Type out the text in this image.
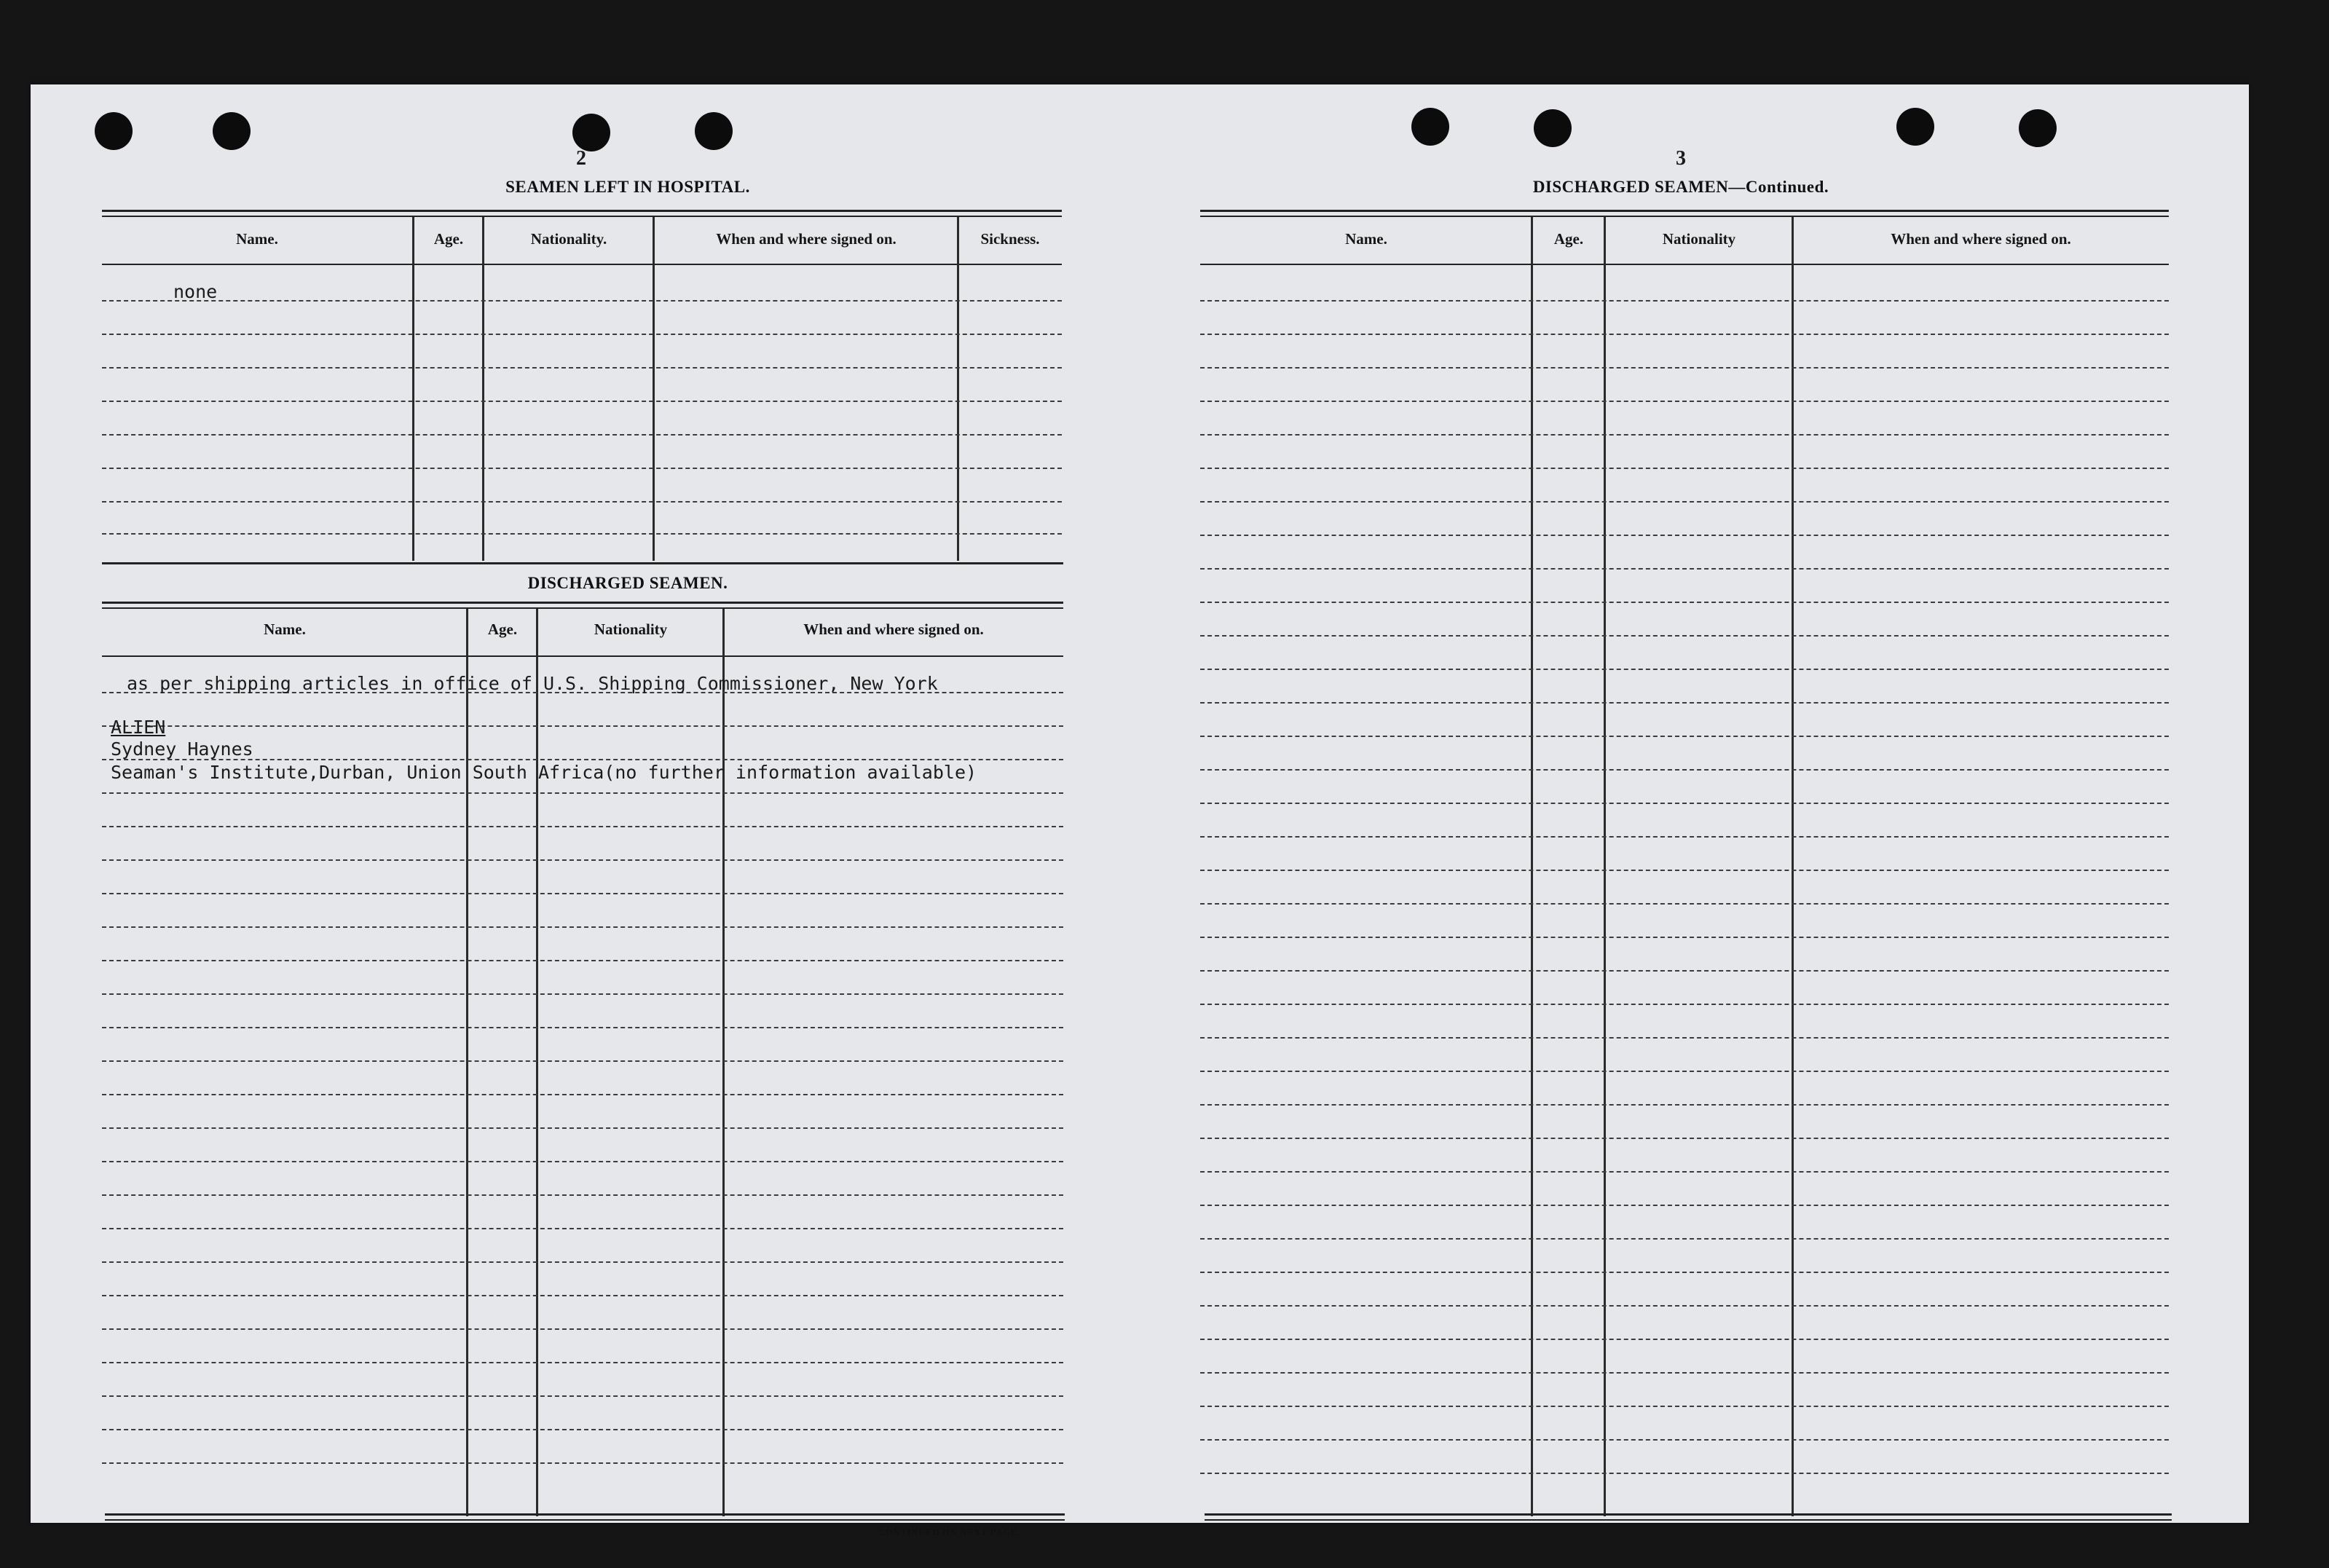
2
SEAMEN LEFT IN HOSPITAL.
Name.	Age.	Nationality.	When and where signed on.	Sickness.
none
DISCHARGED SEAMEN.
Name.	Age.	Nationality	When and where signed on.
as per shipping articles in office of U.S. Shipping Commissioner, New York
ALIEN
Sydney Haynes
Seaman's Institute,Durban, Union South Africa(no further information available)
CONTINUED ON NEXT PAGE.
3
DISCHARGED SEAMEN—Continued.
Name.	Age.	Nationality	When and where signed on.
